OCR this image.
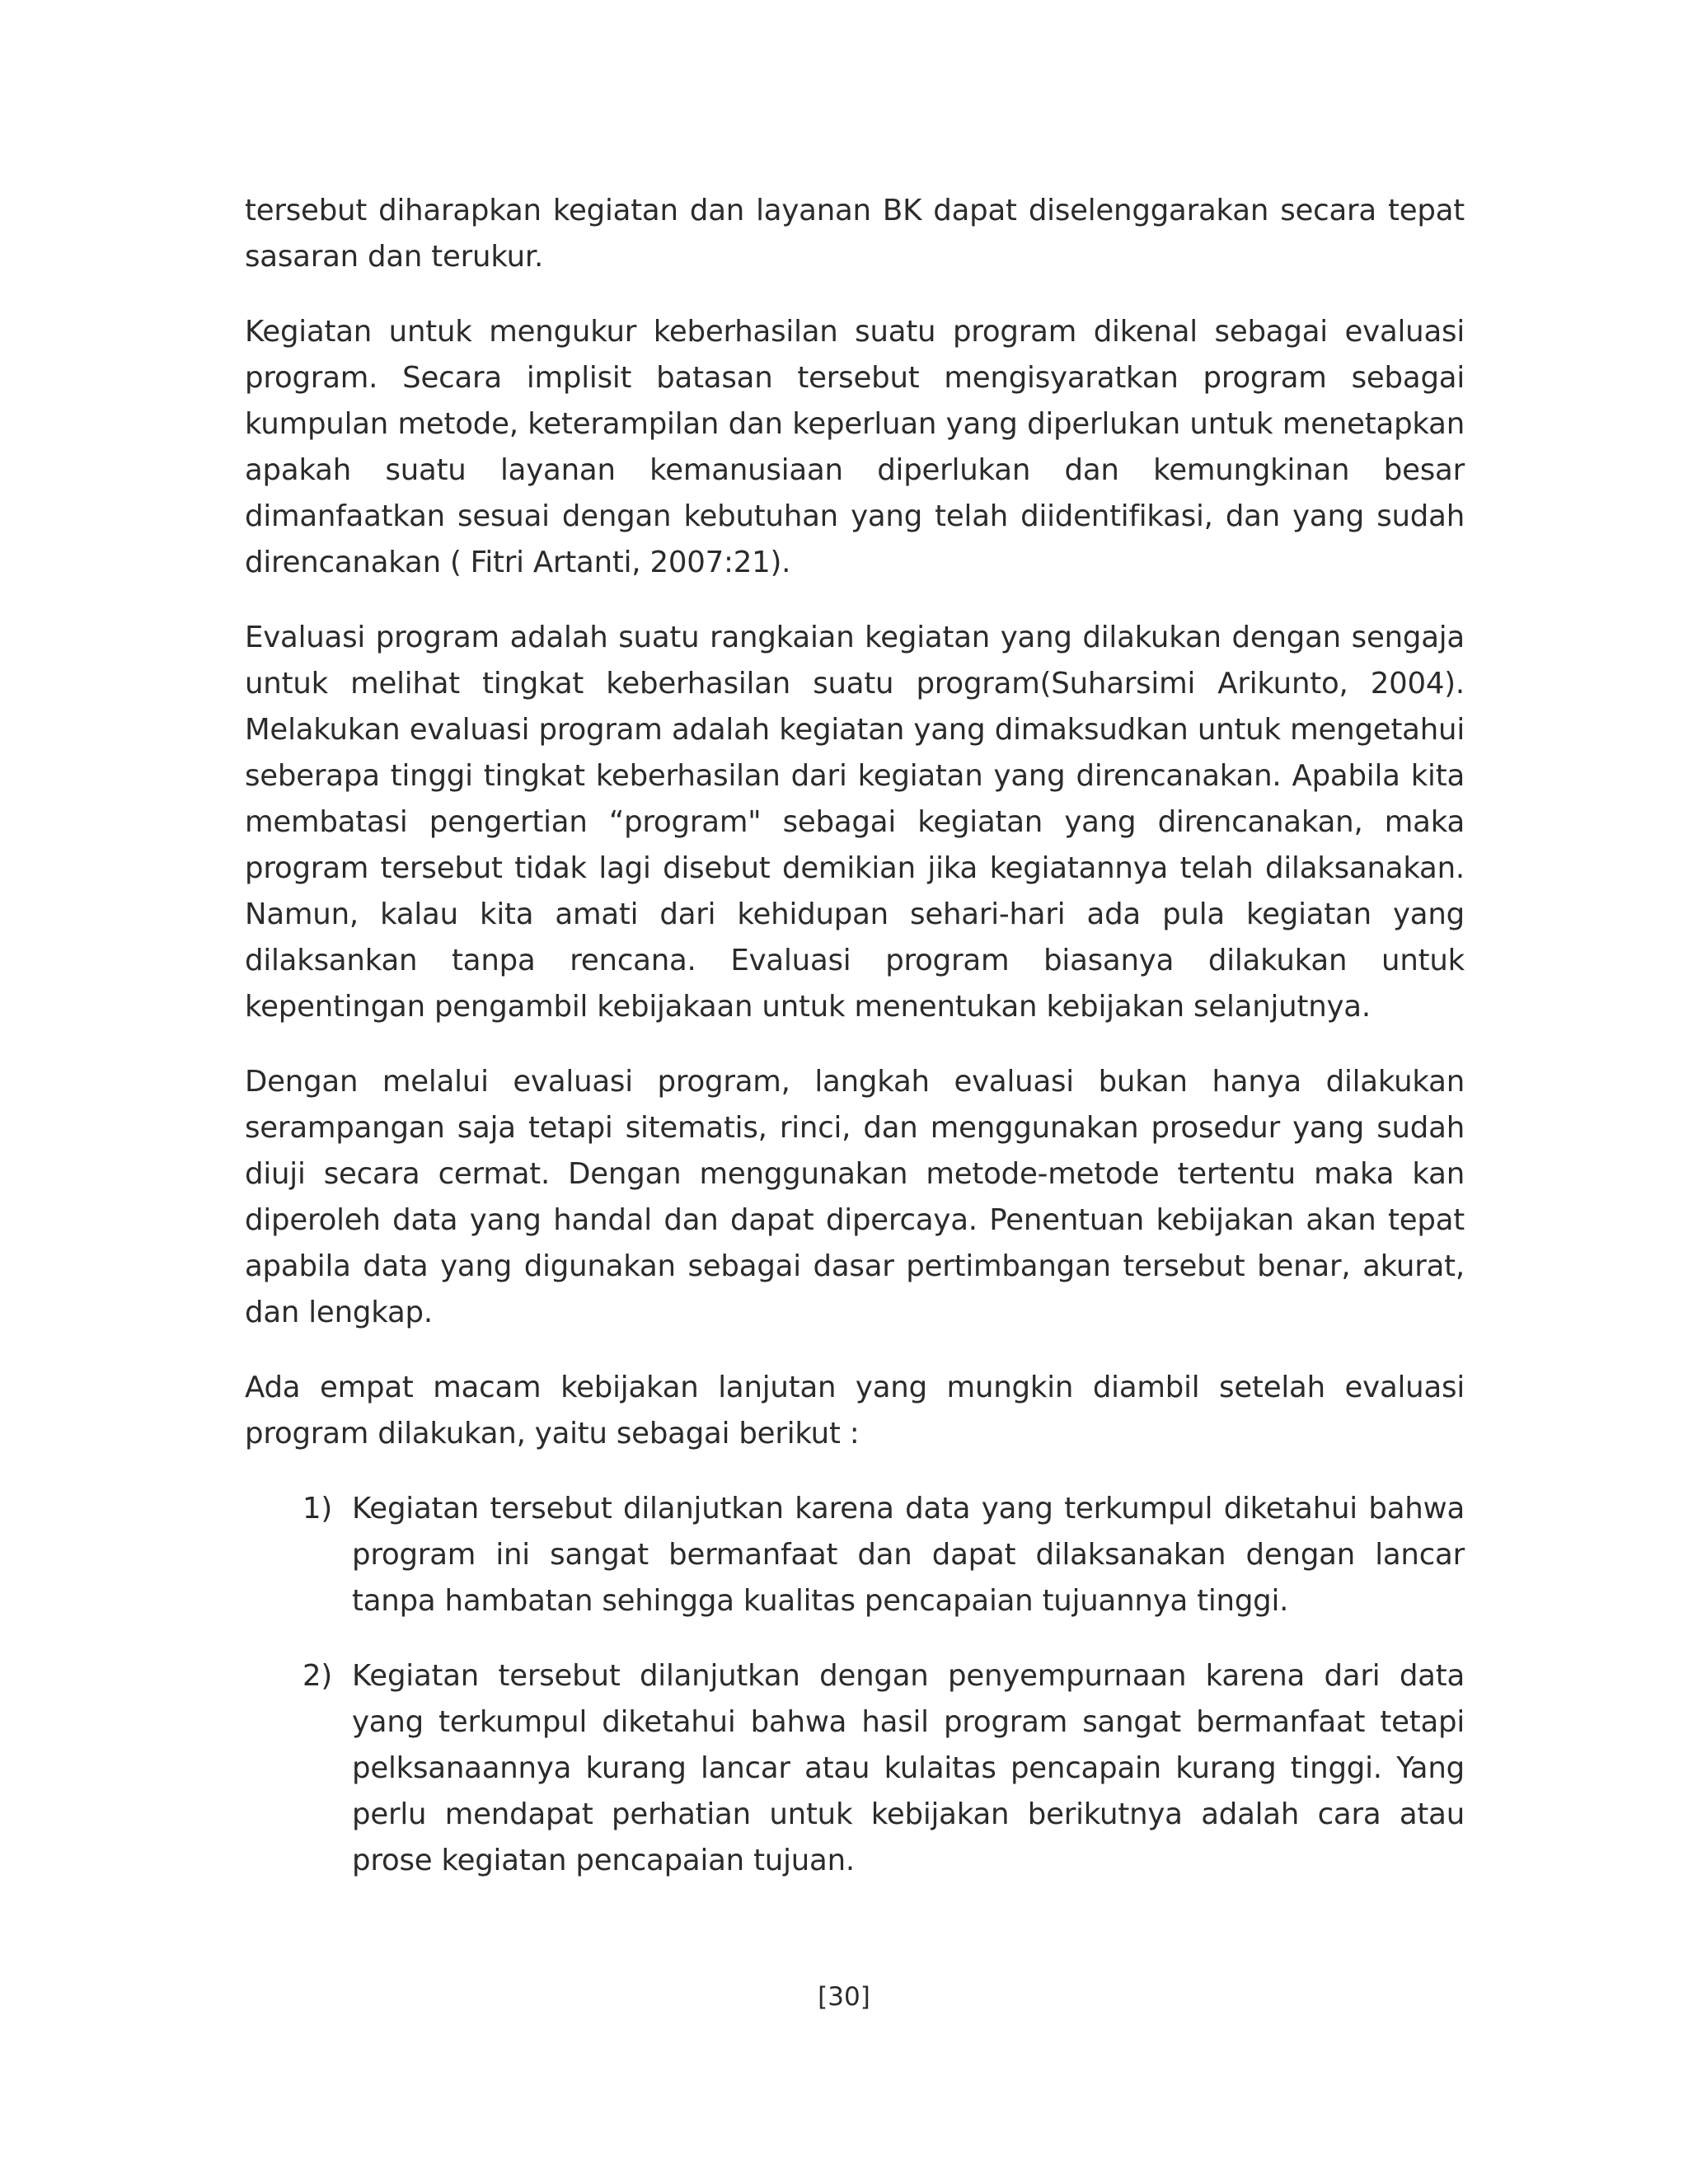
tersebut diharapkan kegiatan dan layanan BK dapat diselenggarakan secara tepat sasaran dan terukur.

Kegiatan untuk mengukur keberhasilan suatu program dikenal sebagai evaluasi program. Secara implisit batasan tersebut mengisyaratkan program sebagai kumpulan metode, keterampilan dan keperluan yang diperlukan untuk menetapkan apakah suatu layanan kemanusiaan diperlukan dan kemungkinan besar dimanfaatkan sesuai dengan kebutuhan yang telah diidentifikasi, dan yang sudah direncanakan ( Fitri Artanti, 2007:21).

Evaluasi program adalah suatu rangkaian kegiatan yang dilakukan dengan sengaja untuk melihat tingkat keberhasilan suatu program(Suharsimi Arikunto, 2004). Melakukan evaluasi program adalah kegiatan yang dimaksudkan untuk mengetahui seberapa tinggi tingkat keberhasilan dari kegiatan yang direncanakan. Apabila kita membatasi pengertian “program" sebagai kegiatan yang direncanakan, maka program tersebut tidak lagi disebut demikian jika kegiatannya telah dilaksanakan. Namun, kalau kita amati dari kehidupan sehari-hari ada pula kegiatan yang dilaksankan tanpa rencana. Evaluasi program biasanya dilakukan untuk kepentingan pengambil kebijakaan untuk menentukan kebijakan selanjutnya.

Dengan melalui evaluasi program, langkah evaluasi bukan hanya dilakukan serampangan saja tetapi sitematis, rinci, dan menggunakan prosedur yang sudah diuji secara cermat. Dengan menggunakan metode-metode tertentu maka kan diperoleh data yang handal dan dapat dipercaya. Penentuan kebijakan akan tepat apabila data yang digunakan sebagai dasar pertimbangan tersebut benar, akurat, dan lengkap.

Ada empat macam kebijakan lanjutan yang mungkin diambil setelah evaluasi program dilakukan, yaitu sebagai berikut :

1) Kegiatan tersebut dilanjutkan karena data yang terkumpul diketahui bahwa program ini sangat bermanfaat dan dapat dilaksanakan dengan lancar tanpa hambatan sehingga kualitas pencapaian tujuannya tinggi.
2) Kegiatan tersebut dilanjutkan dengan penyempurnaan karena dari data yang terkumpul diketahui bahwa hasil program sangat bermanfaat tetapi pelksanaannya kurang lancar atau kulaitas pencapain kurang tinggi. Yang perlu mendapat perhatian untuk kebijakan berikutnya adalah cara atau prose kegiatan pencapaian tujuan.
[30]
